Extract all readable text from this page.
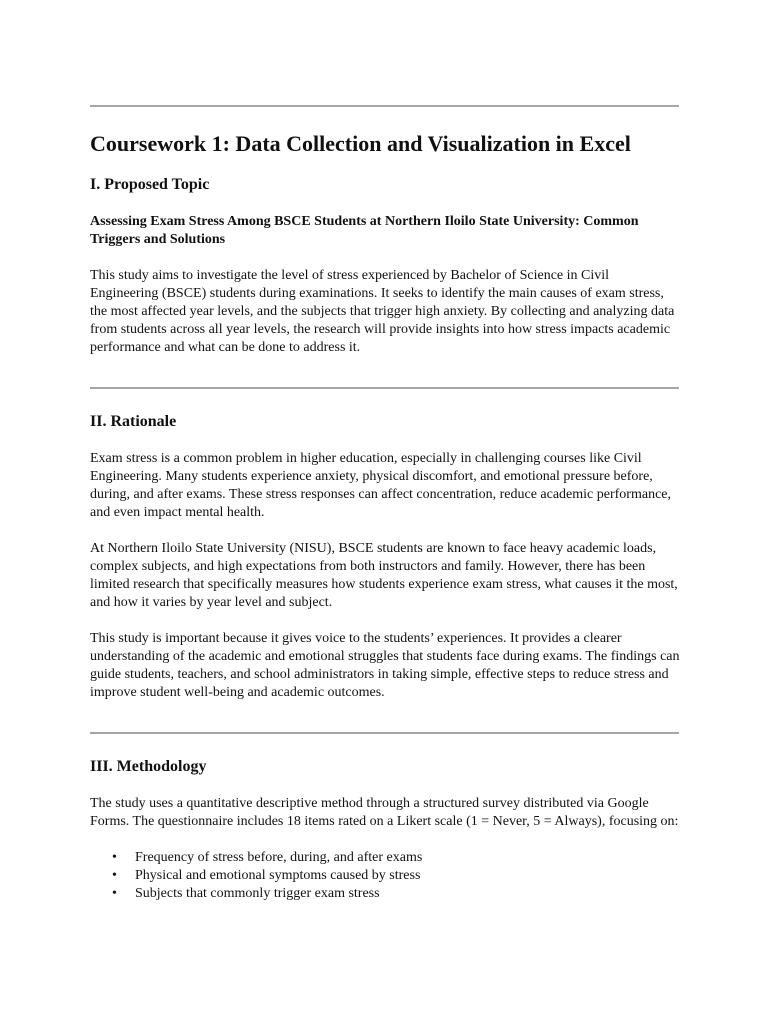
Coursework 1: Data Collection and Visualization in Excel
I. Proposed Topic
Assessing Exam Stress Among BSCE Students at Northern Iloilo State University: Common Triggers and Solutions

This study aims to investigate the level of stress experienced by Bachelor of Science in Civil Engineering (BSCE) students during examinations. It seeks to identify the main causes of exam stress, the most affected year levels, and the subjects that trigger high anxiety. By collecting and analyzing data from students across all year levels, the research will provide insights into how stress impacts academic performance and what can be done to address it.

II. Rationale

Exam stress is a common problem in higher education, especially in challenging courses like Civil Engineering. Many students experience anxiety, physical discomfort, and emotional pressure before, during, and after exams. These stress responses can affect concentration, reduce academic performance, and even impact mental health.

At Northern Iloilo State University (NISU), BSCE students are known to face heavy academic loads, complex subjects, and high expectations from both instructors and family. However, there has been limited research that specifically measures how students experience exam stress, what causes it the most, and how it varies by year level and subject.

This study is important because it gives voice to the students’ experiences. It provides a clearer understanding of the academic and emotional struggles that students face during exams. The findings can guide students, teachers, and school administrators in taking simple, effective steps to reduce stress and improve student well-being and academic outcomes.

III. Methodology

The study uses a quantitative descriptive method through a structured survey distributed via Google Forms. The questionnaire includes 18 items rated on a Likert scale (1 = Never, 5 = Always), focusing on:

• Frequency of stress before, during, and after exams
• Physical and emotional symptoms caused by stress
• Subjects that commonly trigger exam stress
